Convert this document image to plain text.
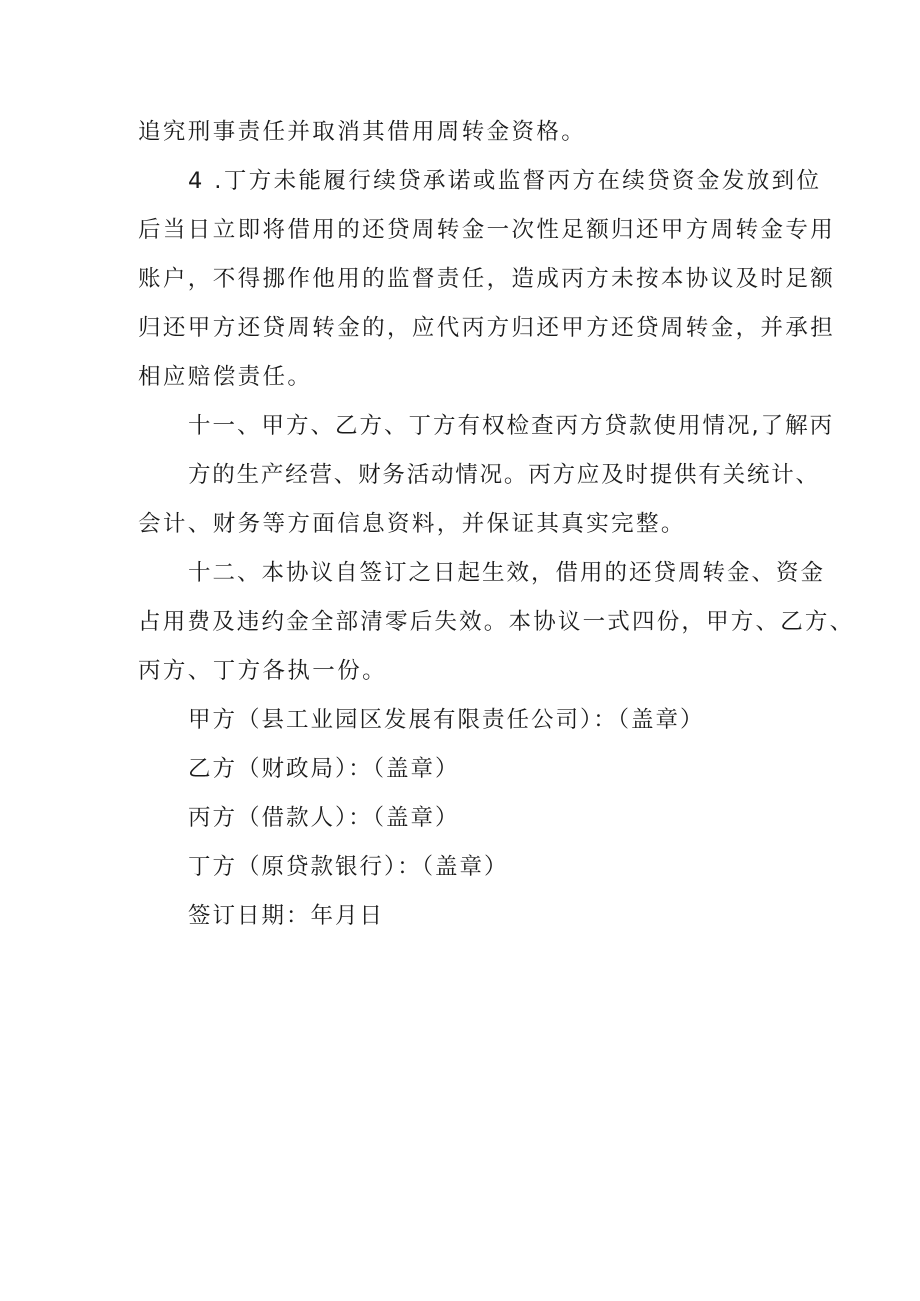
追究刑事责任并取消其借用周转金资格。
4 .丁方未能履行续贷承诺或监督丙方在续贷资金发放到位
后当日立即将借用的还贷周转金一次性足额归还甲方周转金专用
账户，不得挪作他用的监督责任，造成丙方未按本协议及时足额
归还甲方还贷周转金的，应代丙方归还甲方还贷周转金，并承担
相应赔偿责任。
十一、甲方、乙方、丁方有权检查丙方贷款使用情况,了解丙
方的生产经营、财务活动情况。丙方应及时提供有关统计、
会计、财务等方面信息资料，并保证其真实完整。
十二、本协议自签订之日起生效，借用的还贷周转金、资金
占用费及违约金全部清零后失效。本协议一式四份，甲方、乙方、
丙方、丁方各执一份。
甲方（县工业园区发展有限责任公司）：（盖章）
乙方（财政局）：（盖章）
丙方（借款人）：（盖章）
丁方（原贷款银行）：（盖章）
签订日期：年月日
